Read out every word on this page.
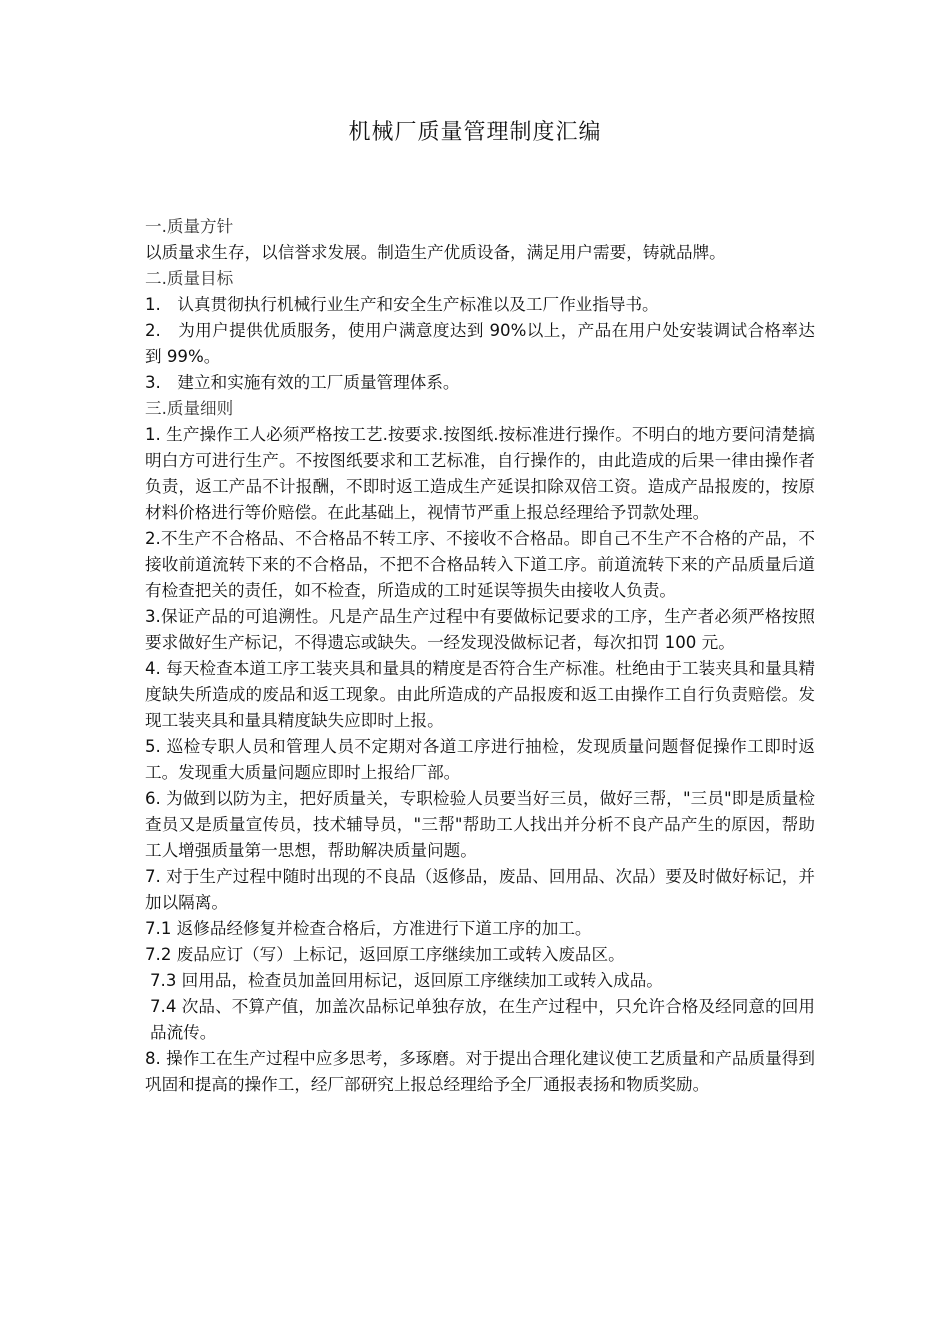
机械厂质量管理制度汇编

一.质量方针

以质量求生存，以信誉求发展。制造生产优质设备，满足用户需要，铸就品牌。

二.质量目标

1.　认真贯彻执行机械行业生产和安全生产标准以及工厂作业指导书。

2.　为用户提供优质服务，使用户满意度达到 90%以上，产品在用户处安装调试合格率达到 99%。

3.　建立和实施有效的工厂质量管理体系。

三.质量细则

1. 生产操作工人必须严格按工艺.按要求.按图纸.按标准进行操作。不明白的地方要问清楚搞明白方可进行生产。不按图纸要求和工艺标准，自行操作的，由此造成的后果一律由操作者负责，返工产品不计报酬，不即时返工造成生产延误扣除双倍工资。造成产品报废的，按原材料价格进行等价赔偿。在此基础上，视情节严重上报总经理给予罚款处理。

2.不生产不合格品、不合格品不转工序、不接收不合格品。即自己不生产不合格的产品，不接收前道流转下来的不合格品，不把不合格品转入下道工序。前道流转下来的产品质量后道有检查把关的责任，如不检查，所造成的工时延误等损失由接收人负责。

3.保证产品的可追溯性。凡是产品生产过程中有要做标记要求的工序，生产者必须严格按照要求做好生产标记，不得遗忘或缺失。一经发现没做标记者，每次扣罚 100 元。

4. 每天检查本道工序工装夹具和量具的精度是否符合生产标准。杜绝由于工装夹具和量具精度缺失所造成的废品和返工现象。由此所造成的产品报废和返工由操作工自行负责赔偿。发现工装夹具和量具精度缺失应即时上报。

5. 巡检专职人员和管理人员不定期对各道工序进行抽检，发现质量问题督促操作工即时返工。发现重大质量问题应即时上报给厂部。

6. 为做到以防为主，把好质量关，专职检验人员要当好三员，做好三帮，"三员"即是质量检查员又是质量宣传员，技术辅导员，"三帮"帮助工人找出并分析不良产品产生的原因，帮助工人增强质量第一思想，帮助解决质量问题。

7. 对于生产过程中随时出现的不良品（返修品，废品、回用品、次品）要及时做好标记，并加以隔离。

7.1 返修品经修复并检查合格后，方准进行下道工序的加工。

7.2 废品应订（写）上标记，返回原工序继续加工或转入废品区。

7.3 回用品，检查员加盖回用标记，返回原工序继续加工或转入成品。

7.4 次品、不算产值，加盖次品标记单独存放，在生产过程中，只允许合格及经同意的回用品流传。

8. 操作工在生产过程中应多思考，多琢磨。对于提出合理化建议使工艺质量和产品质量得到巩固和提高的操作工，经厂部研究上报总经理给予全厂通报表扬和物质奖励。
